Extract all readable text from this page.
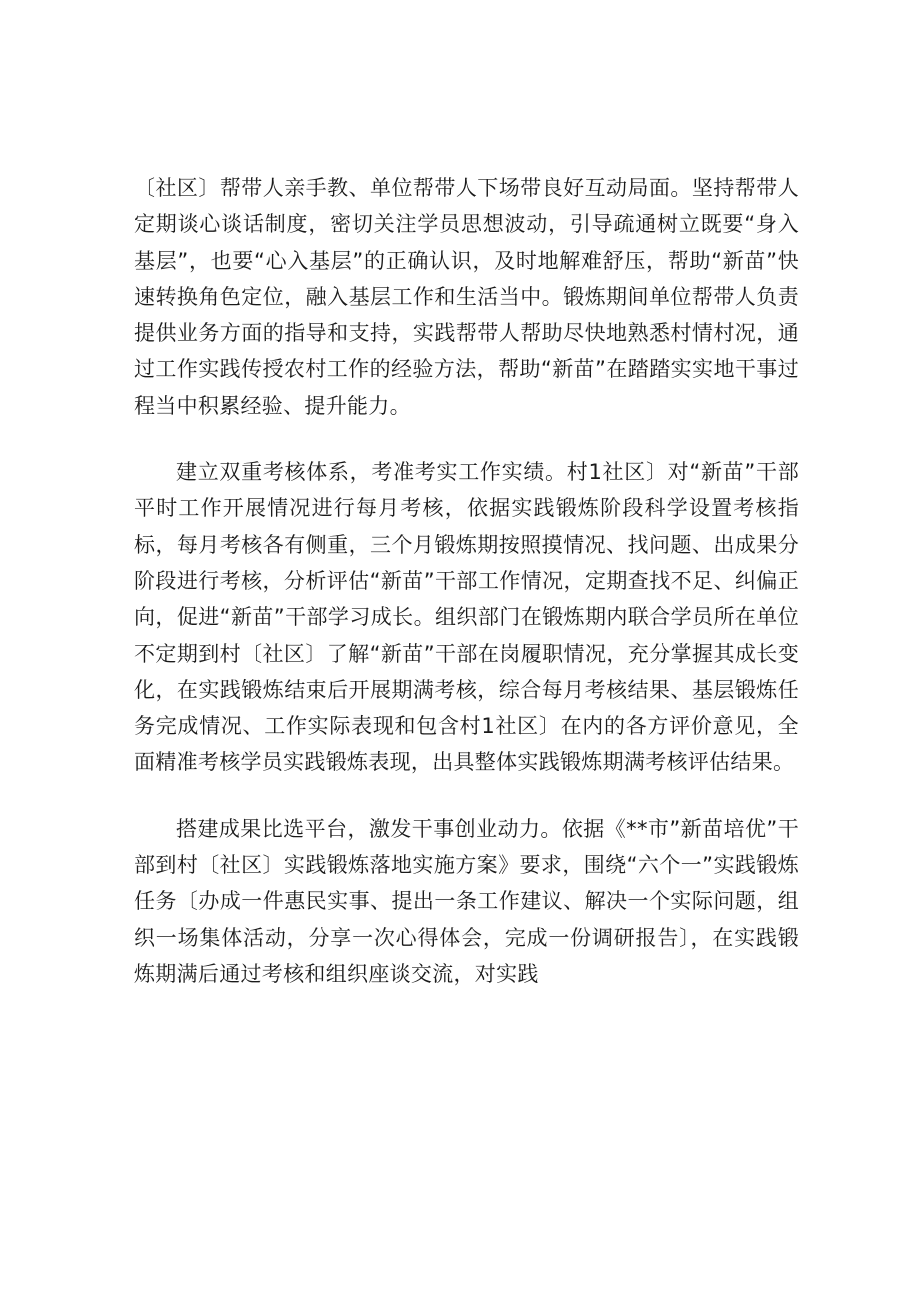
〔社区〕帮带人亲手教、单位帮带人下场带良好互动局面。坚持帮带人定期谈心谈话制度，密切关注学员思想波动，引导疏通树立既要“身入基层”，也要“心入基层”的正确认识，及时地解难舒压，帮助“新苗”快速转换角色定位，融入基层工作和生活当中。锻炼期间单位帮带人负责提供业务方面的指导和支持，实践帮带人帮助尽快地熟悉村情村况，通过工作实践传授农村工作的经验方法，帮助“新苗”在踏踏实实地干事过程当中积累经验、提升能力。

建立双重考核体系，考准考实工作实绩。村1社区〕对“新苗”干部平时工作开展情况进行每月考核，依据实践锻炼阶段科学设置考核指标，每月考核各有侧重，三个月锻炼期按照摸情况、找问题、出成果分阶段进行考核，分析评估“新苗”干部工作情况，定期查找不足、纠偏正向，促进“新苗”干部学习成长。组织部门在锻炼期内联合学员所在单位不定期到村〔社区〕了解“新苗”干部在岗履职情况，充分掌握其成长变化，在实践锻炼结束后开展期满考核，综合每月考核结果、基层锻炼任务完成情况、工作实际表现和包含村1社区〕在内的各方评价意见，全面精准考核学员实践锻炼表现，出具整体实践锻炼期满考核评估结果。

搭建成果比选平台，激发干事创业动力。依据《**市”新苗培优”干部到村〔社区〕实践锻炼落地实施方案》要求，围绕“六个一”实践锻炼任务〔办成一件惠民实事、提出一条工作建议、解决一个实际问题，组织一场集体活动，分享一次心得体会，完成一份调研报告〕，在实践锻炼期满后通过考核和组织座谈交流，对实践
